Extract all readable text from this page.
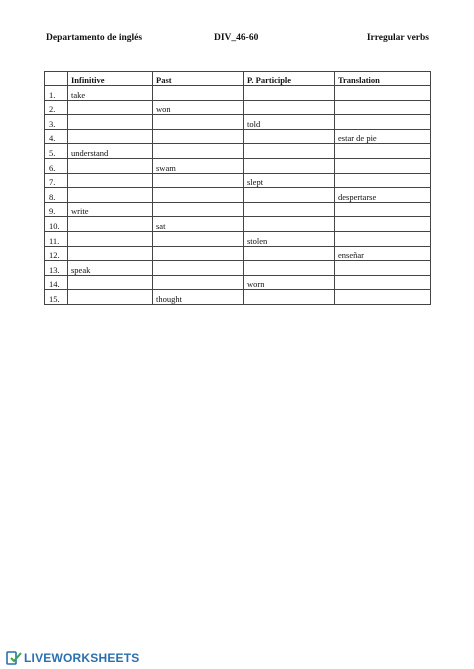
Departamento de inglés	DIV_46-60	Irregular verbs
	Infinitive	Past	P. Participle	Translation
1.	take			
2.		won		
3.			told	
4.				estar de pie
5.	understand			
6.		swam		
7.			slept	
8.				despertarse
9.	write			
10.		sat		
11.			stolen	
12.				enseñar
13.	speak			
14.			worn	
15.		thought		
LIVEWORKSHEETS
